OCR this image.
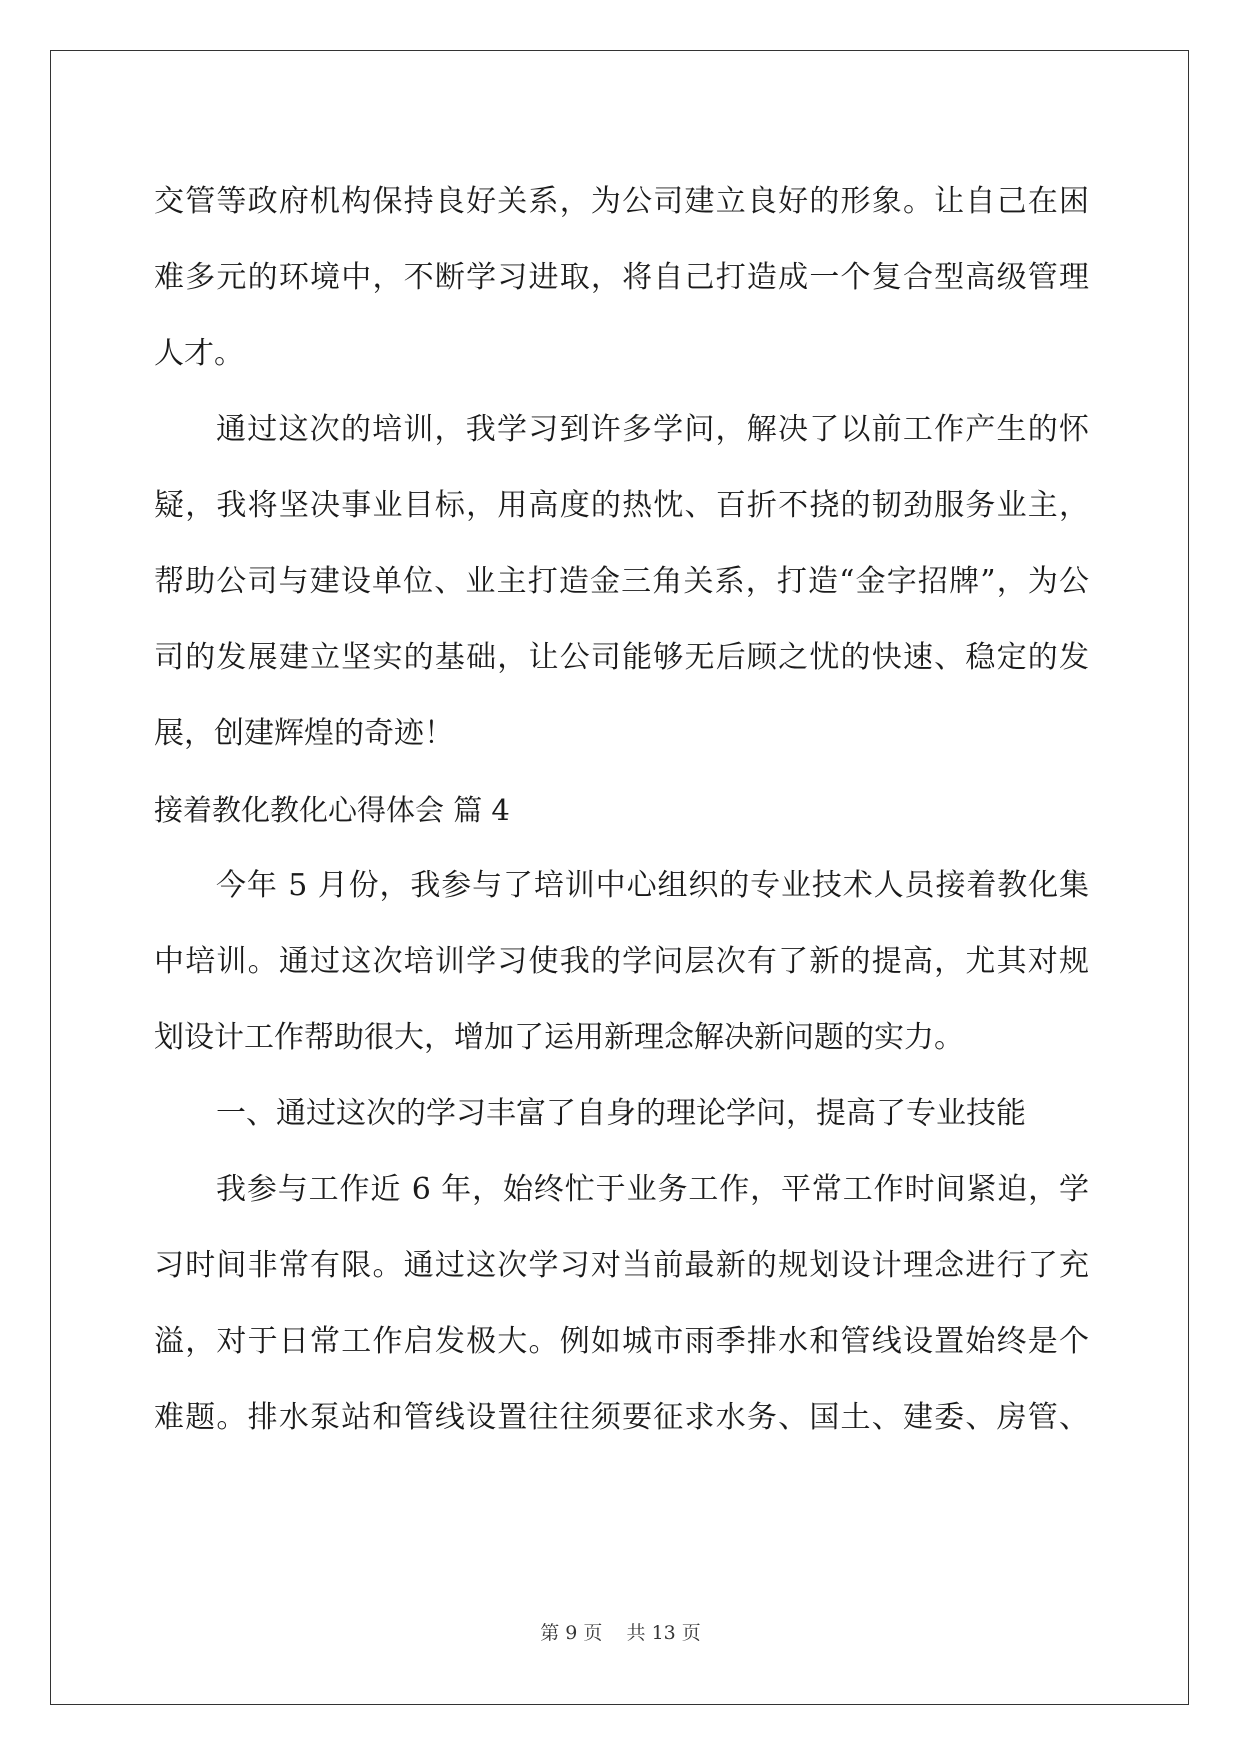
交管等政府机构保持良好关系，为公司建立良好的形象。让自己在困
难多元的环境中，不断学习进取，将自己打造成一个复合型高级管理
人才。
通过这次的培训，我学习到许多学问，解决了以前工作产生的怀
疑，我将坚决事业目标，用高度的热忱、百折不挠的韧劲服务业主，
帮助公司与建设单位、业主打造金三角关系，打造“金字招牌”，为公
司的发展建立坚实的基础，让公司能够无后顾之忧的快速、稳定的发
展，创建辉煌的奇迹！
接着教化教化心得体会 篇 4
今年 5 月份，我参与了培训中心组织的专业技术人员接着教化集
中培训。通过这次培训学习使我的学问层次有了新的提高，尤其对规
划设计工作帮助很大，增加了运用新理念解决新问题的实力。
一、通过这次的学习丰富了自身的理论学问，提高了专业技能
我参与工作近 6 年，始终忙于业务工作，平常工作时间紧迫，学
习时间非常有限。通过这次学习对当前最新的规划设计理念进行了充
溢，对于日常工作启发极大。例如城市雨季排水和管线设置始终是个
难题。排水泵站和管线设置往往须要征求水务、国土、建委、房管、
第 9 页    共 13 页
